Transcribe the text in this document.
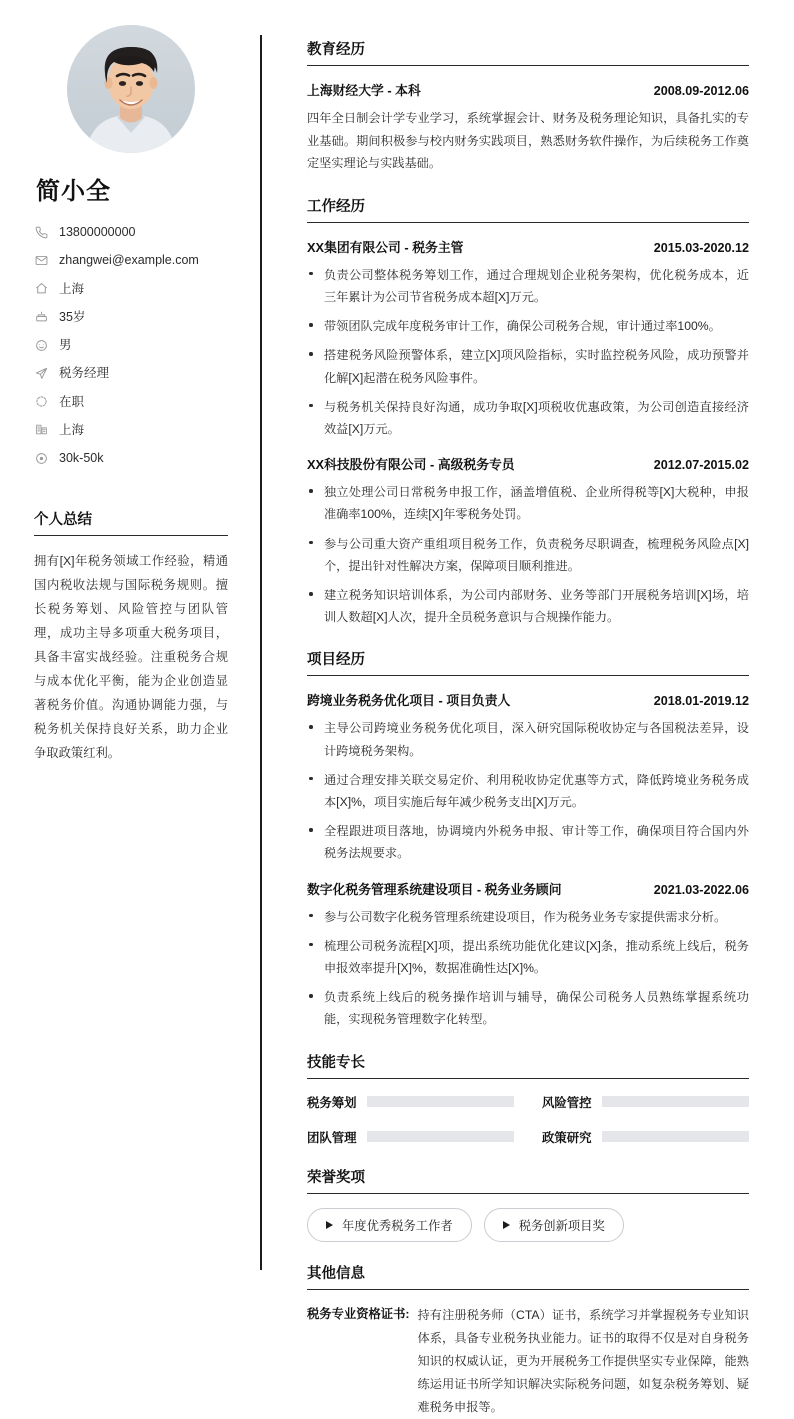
简小全
13800000000
zhangwei@example.com
上海
35岁
男
税务经理
在职
上海
30k-50k
个人总结

拥有[X]年税务领域工作经验，精通国内税收法规与国际税务规则。擅长税务筹划、风险管控与团队管理，成功主导多项重大税务项目，具备丰富实战经验。注重税务合规与成本优化平衡，能为企业创造显著税务价值。沟通协调能力强，与税务机关保持良好关系，助力企业争取政策红利。

教育经历
上海财经大学 - 本科	2008.09-2012.06

四年全日制会计学专业学习，系统掌握会计、财务及税务理论知识，具备扎实的专业基础。期间积极参与校内财务实践项目，熟悉财务软件操作，为后续税务工作奠定坚实理论与实践基础。

工作经历
XX集团有限公司 - 税务主管	2015.03-2020.12
负责公司整体税务筹划工作，通过合理规划企业税务架构，优化税务成本，近三年累计为公司节省税务成本超[X]万元。
带领团队完成年度税务审计工作，确保公司税务合规，审计通过率100%。
搭建税务风险预警体系，建立[X]项风险指标，实时监控税务风险，成功预警并化解[X]起潜在税务风险事件。
与税务机关保持良好沟通，成功争取[X]项税收优惠政策，为公司创造直接经济效益[X]万元。
XX科技股份有限公司 - 高级税务专员	2012.07-2015.02
独立处理公司日常税务申报工作，涵盖增值税、企业所得税等[X]大税种，申报准确率100%，连续[X]年零税务处罚。
参与公司重大资产重组项目税务工作，负责税务尽职调查，梳理税务风险点[X]个，提出针对性解决方案，保障项目顺利推进。
建立税务知识培训体系，为公司内部财务、业务等部门开展税务培训[X]场，培训人数超[X]人次，提升全员税务意识与合规操作能力。
项目经历
跨境业务税务优化项目 - 项目负责人	2018.01-2019.12
主导公司跨境业务税务优化项目，深入研究国际税收协定与各国税法差异，设计跨境税务架构。
通过合理安排关联交易定价、利用税收协定优惠等方式，降低跨境业务税务成本[X]%，项目实施后每年减少税务支出[X]万元。
全程跟进项目落地，协调境内外税务申报、审计等工作，确保项目符合国内外税务法规要求。
数字化税务管理系统建设项目 - 税务业务顾问	2021.03-2022.06
参与公司数字化税务管理系统建设项目，作为税务业务专家提供需求分析。
梳理公司税务流程[X]项，提出系统功能优化建议[X]条，推动系统上线后，税务申报效率提升[X]%，数据准确性达[X]%。
负责系统上线后的税务操作培训与辅导，确保公司税务人员熟练掌握系统功能，实现税务管理数字化转型。
技能专长
税务筹划	风险管控
团队管理	政策研究
荣誉奖项
年度优秀税务工作者	税务创新项目奖
其他信息
税务专业资格证书: 持有注册税务师（CTA）证书，系统学习并掌握税务专业知识体系，具备专业税务执业能力。证书的取得不仅是对自身税务知识的权威认证，更为开展税务工作提供坚实专业保障，能熟练运用证书所学知识解决实际税务问题，如复杂税务筹划、疑难税务申报等。
